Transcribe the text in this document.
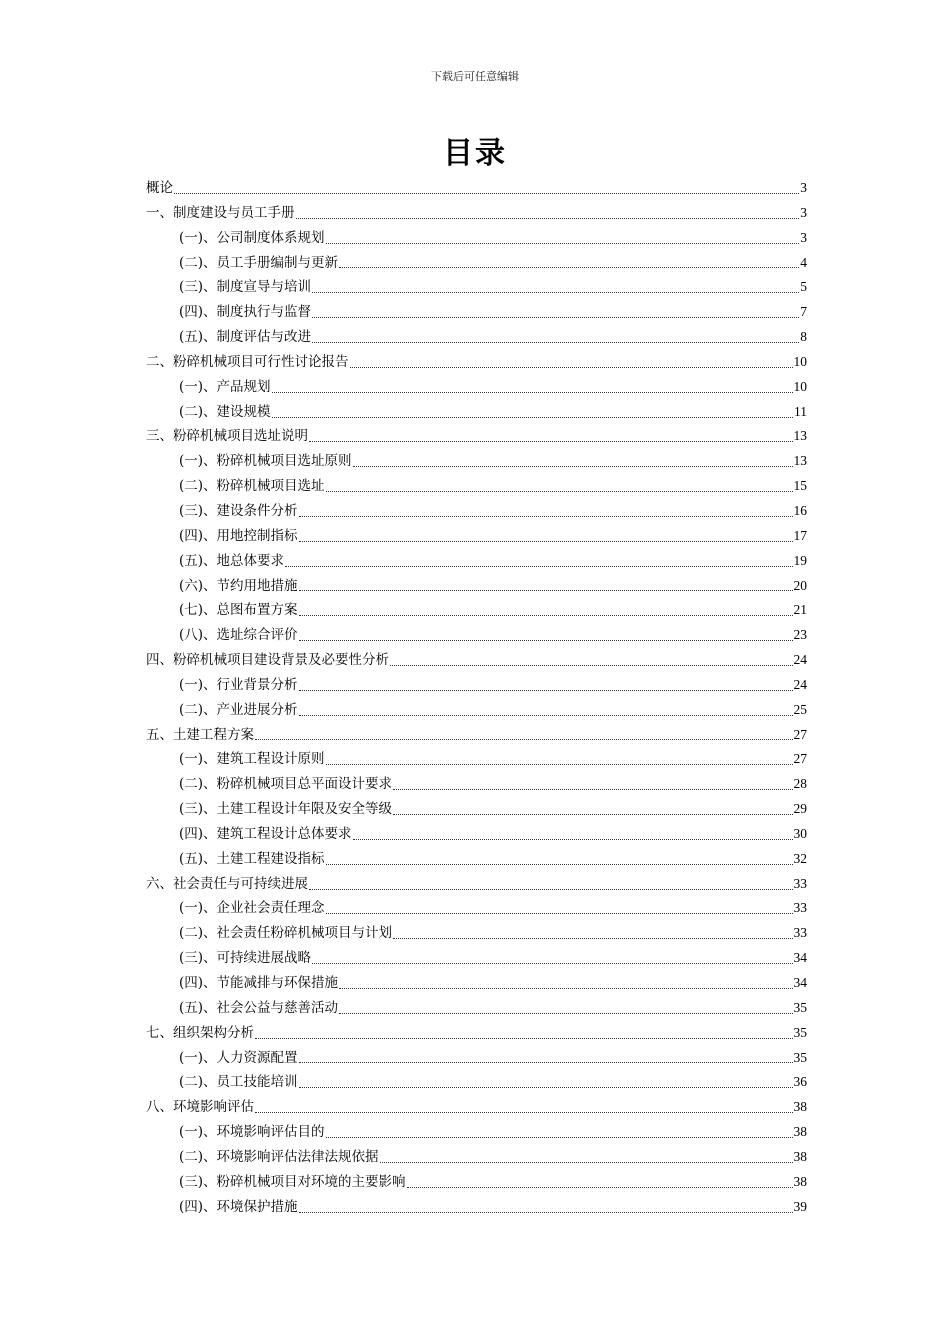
下载后可任意编辑
目录
概论	3
一、制度建设与员工手册	3
(一)、公司制度体系规划	3
(二)、员工手册编制与更新	4
(三)、制度宣导与培训	5
(四)、制度执行与监督	7
(五)、制度评估与改进	8
二、粉碎机械项目可行性讨论报告	10
(一)、产品规划	10
(二)、建设规模	11
三、粉碎机械项目选址说明	13
(一)、粉碎机械项目选址原则	13
(二)、粉碎机械项目选址	15
(三)、建设条件分析	16
(四)、用地控制指标	17
(五)、地总体要求	19
(六)、节约用地措施	20
(七)、总图布置方案	21
(八)、选址综合评价	23
四、粉碎机械项目建设背景及必要性分析	24
(一)、行业背景分析	24
(二)、产业进展分析	25
五、土建工程方案	27
(一)、建筑工程设计原则	27
(二)、粉碎机械项目总平面设计要求	28
(三)、土建工程设计年限及安全等级	29
(四)、建筑工程设计总体要求	30
(五)、土建工程建设指标	32
六、社会责任与可持续进展	33
(一)、企业社会责任理念	33
(二)、社会责任粉碎机械项目与计划	33
(三)、可持续进展战略	34
(四)、节能减排与环保措施	34
(五)、社会公益与慈善活动	35
七、组织架构分析	35
(一)、人力资源配置	35
(二)、员工技能培训	36
八、环境影响评估	38
(一)、环境影响评估目的	38
(二)、环境影响评估法律法规依据	38
(三)、粉碎机械项目对环境的主要影响	38
(四)、环境保护措施	39
